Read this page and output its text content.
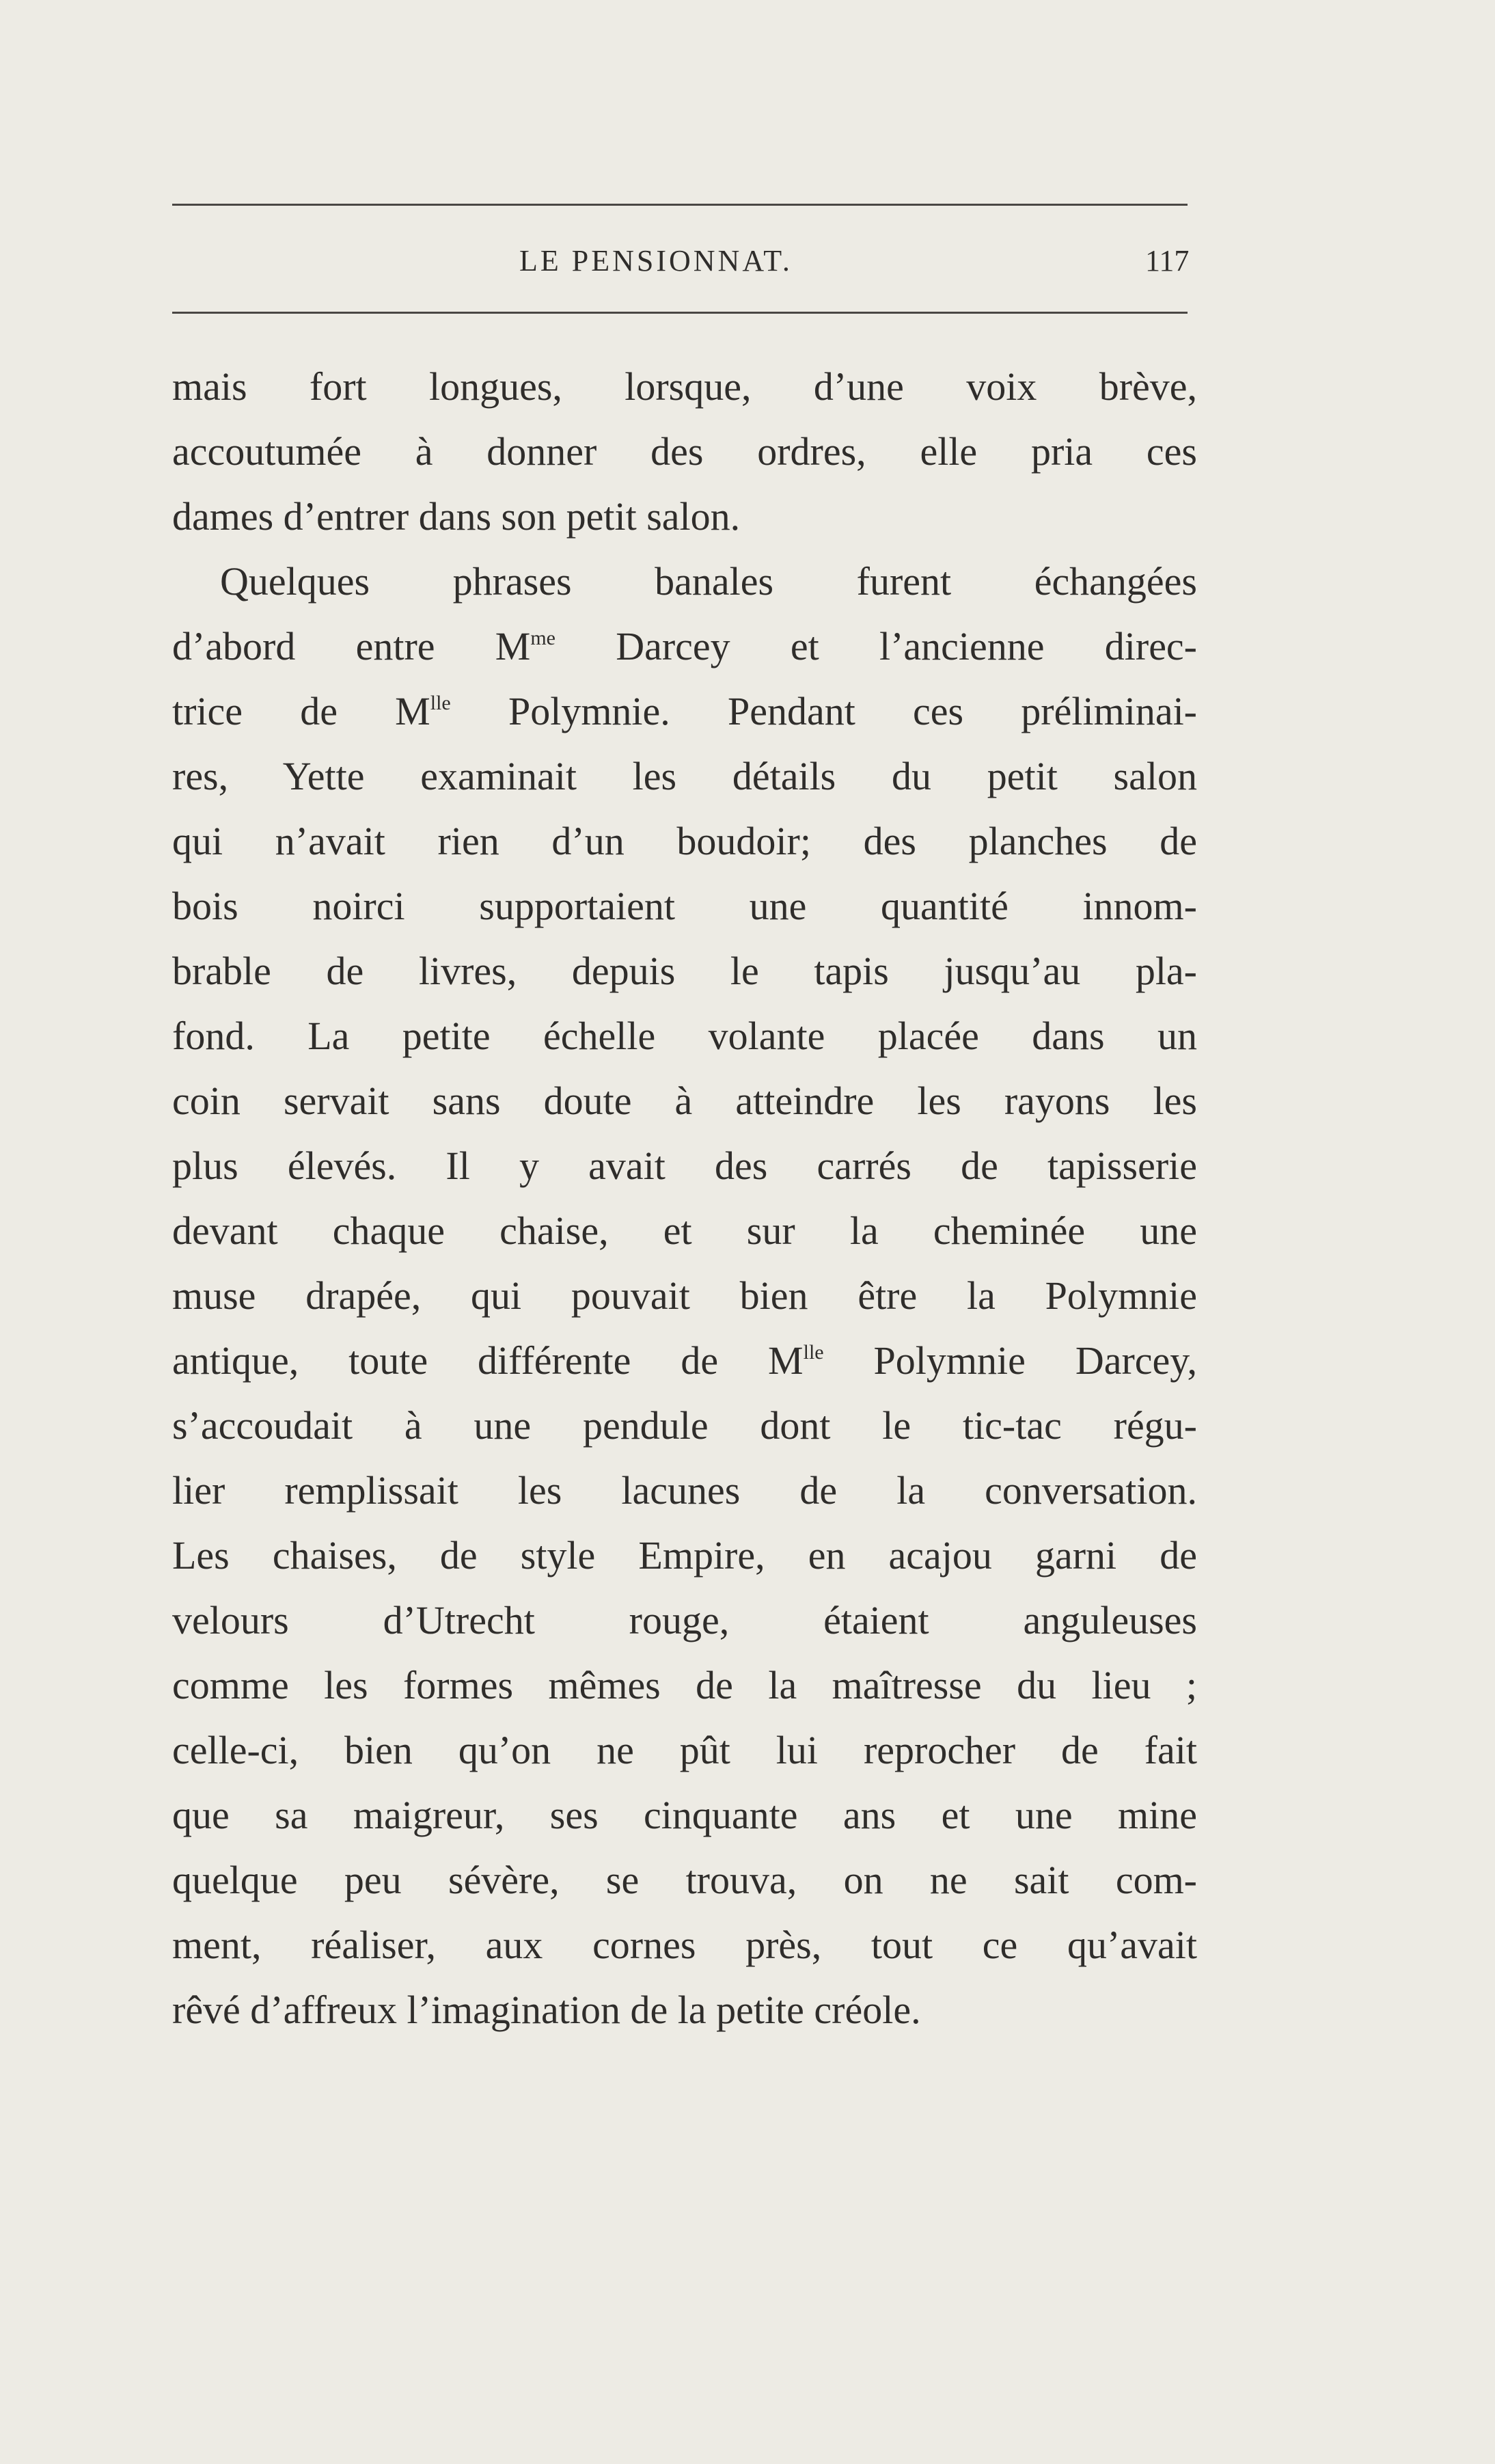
LE PENSIONNAT.	117
mais fort longues, lorsque, d’une voix brève,
accoutumée à donner des ordres, elle pria ces
dames d’entrer dans son petit salon.
Quelques phrases banales furent échangées
d’abord entre $M^{me}$ Darcey et l’ancienne direc-
trice de $M^{lle}$ Polymnie. Pendant ces préliminai-
res, Yette examinait les détails du petit salon
qui n’avait rien d’un boudoir; des planches de
bois noirci supportaient une quantité innom-
brable de livres, depuis le tapis jusqu’au pla-
fond. La petite échelle volante placée dans un
coin servait sans doute à atteindre les rayons les
plus élevés. Il y avait des carrés de tapisserie
devant chaque chaise, et sur la cheminée une
muse drapée, qui pouvait bien être la Polymnie
antique, toute différente de $M^{lle}$ Polymnie Darcey,
s’accoudait à une pendule dont le tic-tac régu-
lier remplissait les lacunes de la conversation.
Les chaises, de style Empire, en acajou garni de
velours d’Utrecht rouge, étaient anguleuses
comme les formes mêmes de la maîtresse du lieu ;
celle-ci, bien qu’on ne pût lui reprocher de fait
que sa maigreur, ses cinquante ans et une mine
quelque peu sévère, se trouva, on ne sait com-
ment, réaliser, aux cornes près, tout ce qu’avait
rêvé d’affreux l’imagination de la petite créole.
